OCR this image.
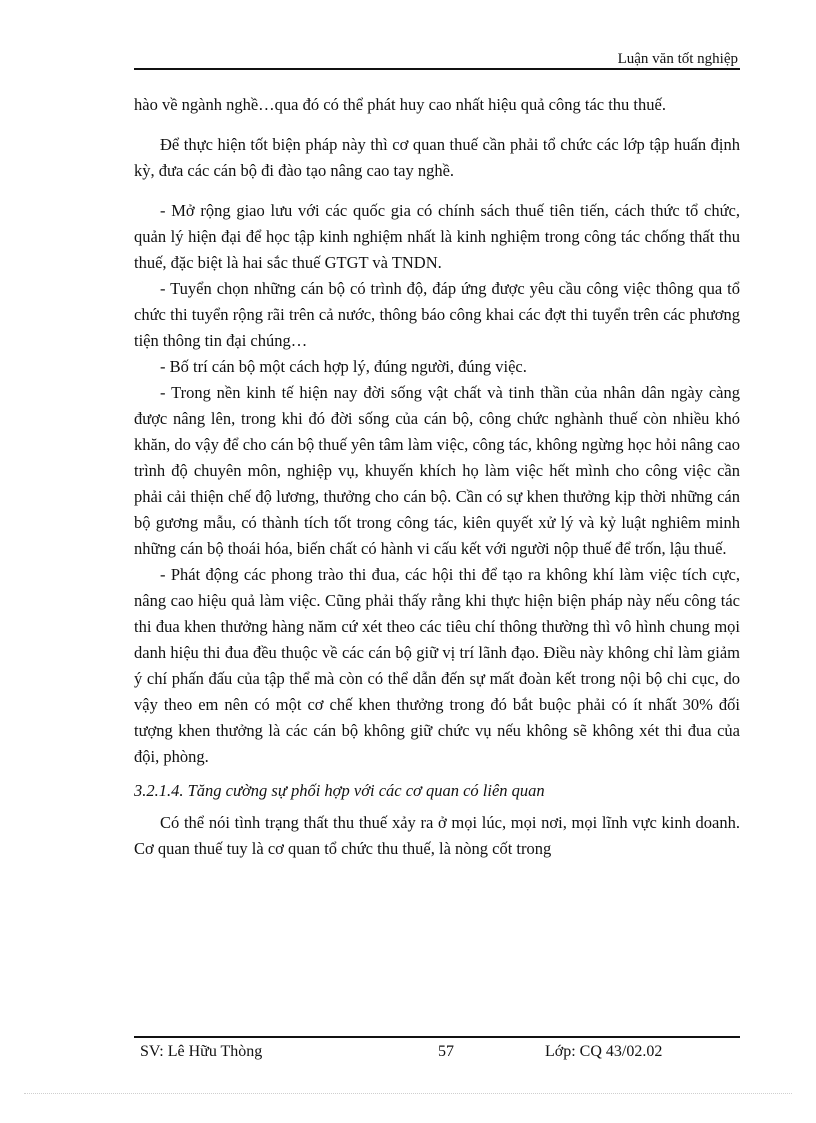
Luận văn tốt nghiệp

hào về ngành nghề…qua đó có thể phát huy cao nhất hiệu quả công tác thu thuế.

Để thực hiện tốt biện pháp này thì cơ quan thuế cần phải tổ chức các lớp tập huấn định kỳ, đưa các cán bộ đi đào tạo nâng cao tay nghề.

- Mở rộng giao lưu với các quốc gia có chính sách thuế tiên tiến, cách thức tổ chức, quản lý hiện đại để học tập kinh nghiệm nhất là kinh nghiệm trong công tác chống thất thu thuế, đặc biệt là hai sắc thuế GTGT và TNDN.

- Tuyển chọn những cán bộ có trình độ, đáp ứng được yêu cầu công việc thông qua tổ chức thi tuyển rộng rãi trên cả nước, thông báo công khai các đợt thi tuyển trên các phương tiện thông tin đại chúng…

- Bố trí cán bộ một cách hợp lý, đúng người, đúng việc.

- Trong nền kinh tế hiện nay đời sống vật chất và tinh thần của nhân dân ngày càng được nâng lên, trong khi đó đời sống của cán bộ, công chức nghành thuế còn nhiều khó khăn, do vậy để cho cán bộ thuế yên tâm làm việc, công tác, không ngừng học hỏi nâng cao trình độ chuyên môn, nghiệp vụ, khuyến khích họ làm việc hết mình cho công việc cần phải cải thiện chế độ lương, thưởng cho cán bộ. Cần có sự khen thưởng kịp thời những cán bộ gương mẫu, có thành tích tốt trong công tác, kiên quyết xử lý và kỷ luật nghiêm minh những cán bộ thoái hóa, biến chất có hành vi cấu kết với người nộp thuế để trốn, lậu thuế.

- Phát động các phong trào thi đua, các hội thi để tạo ra không khí làm việc tích cực, nâng cao hiệu quả làm việc. Cũng phải thấy rằng khi thực hiện biện pháp này nếu công tác thi đua khen thưởng hàng năm cứ xét theo các tiêu chí thông thường thì vô hình chung mọi danh hiệu thi đua đều thuộc về các cán bộ giữ vị trí lãnh đạo. Điều này không chỉ làm giảm ý chí phấn đấu của tập thể mà còn có thể dẫn đến sự mất đoàn kết trong nội bộ chi cục, do vậy theo em nên có một cơ chế khen thưởng trong đó bắt buộc phải có ít nhất 30% đối tượng khen thưởng là các cán bộ không giữ chức vụ nếu không sẽ không xét thi đua của đội, phòng.

3.2.1.4. Tăng cường sự phối hợp với các cơ quan có liên quan

Có thể nói tình trạng thất thu thuế xảy ra ở mọi lúc, mọi nơi, mọi lĩnh vực kinh doanh. Cơ quan thuế tuy là cơ quan tổ chức thu thuế, là nòng cốt trong

SV: Lê Hữu Thòng	57	Lớp: CQ 43/02.02
